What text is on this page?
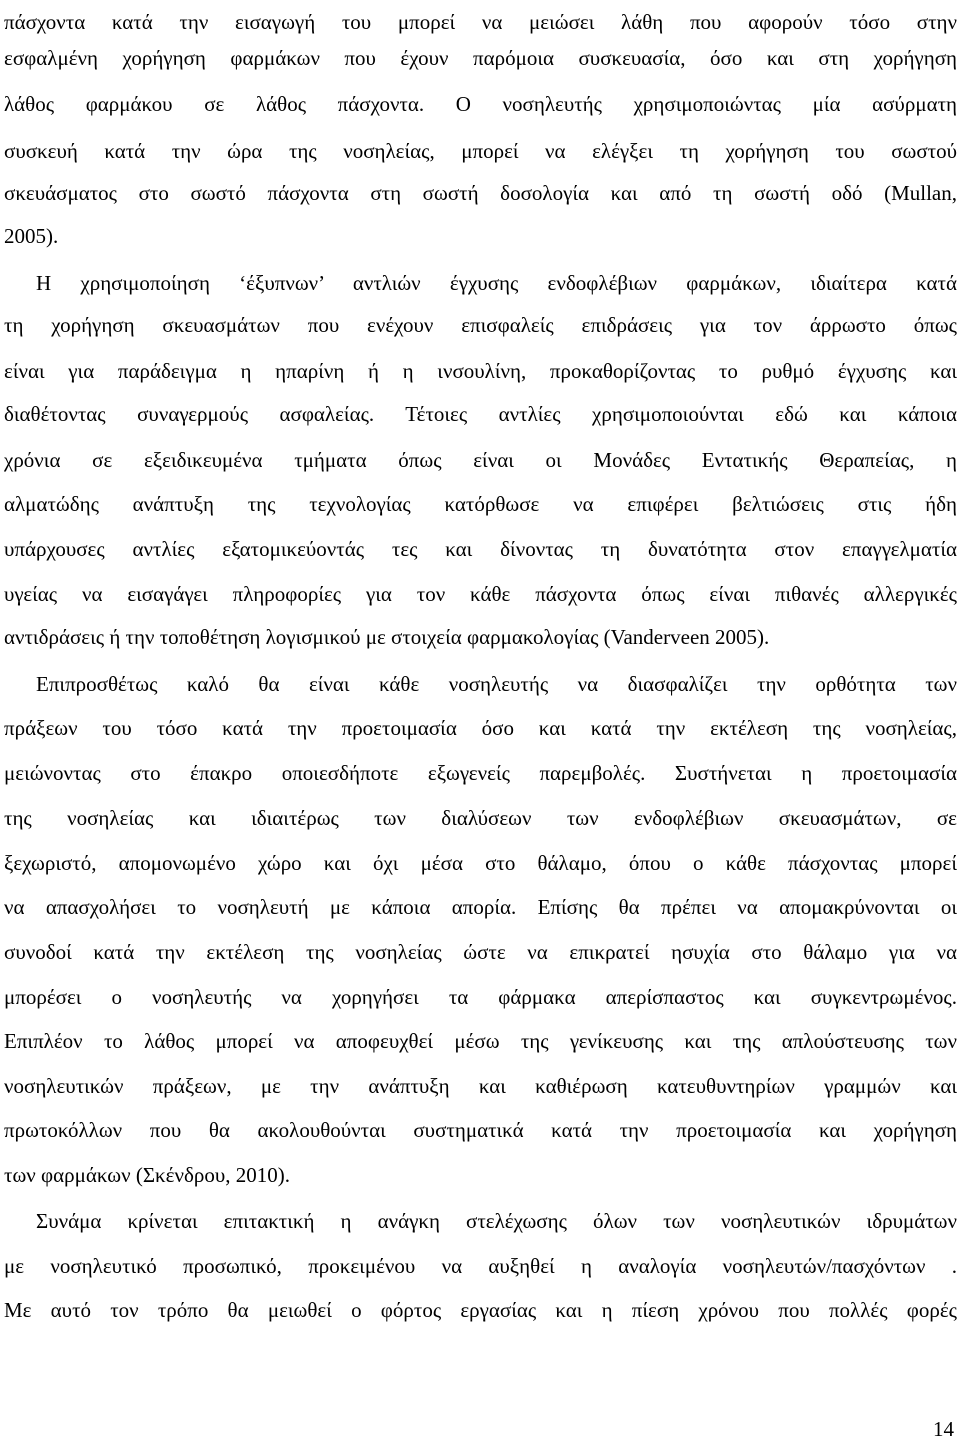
πάσχοντα κατά την εισαγωγή του μπορεί να μειώσει λάθη που αφορούν τόσο στην
εσφαλμένη χορήγηση φαρμάκων που έχουν παρόμοια συσκευασία, όσο και στη χορήγηση
λάθος φαρμάκου σε λάθος πάσχοντα. Ο νοσηλευτής χρησιμοποιώντας μία ασύρματη
συσκευή κατά την ώρα της νοσηλείας, μπορεί να ελέγξει τη χορήγηση του σωστού
σκευάσματος στο σωστό πάσχοντα στη σωστή δοσολογία και από τη σωστή οδό (Mullan,
2005).
Η χρησιμοποίηση ‘έξυπνων’ αντλιών έγχυσης ενδοφλέβιων φαρμάκων, ιδιαίτερα κατά
τη χορήγηση σκευασμάτων που ενέχουν επισφαλείς επιδράσεις για τον άρρωστο όπως
είναι για παράδειγμα η ηπαρίνη ή η ινσουλίνη, προκαθορίζοντας το ρυθμό έγχυσης και
διαθέτοντας συναγερμούς ασφαλείας. Τέτοιες αντλίες χρησιμοποιούνται εδώ και κάποια
χρόνια σε εξειδικευμένα τμήματα όπως είναι οι Μονάδες Εντατικής Θεραπείας, η
αλματώδης ανάπτυξη της τεχνολογίας κατόρθωσε να επιφέρει βελτιώσεις στις ήδη
υπάρχουσες αντλίες εξατομικεύοντάς τες και δίνοντας τη δυνατότητα στον επαγγελματία
υγείας να εισαγάγει πληροφορίες για τον κάθε πάσχοντα όπως είναι πιθανές αλλεργικές
αντιδράσεις ή την τοποθέτηση λογισμικού με στοιχεία φαρμακολογίας (Vanderveen 2005).
Επιπροσθέτως καλό θα είναι κάθε νοσηλευτής να διασφαλίζει την ορθότητα των
πράξεων του τόσο κατά την προετοιμασία όσο και κατά την εκτέλεση της νοσηλείας,
μειώνοντας στο έπακρο οποιεσδήποτε εξωγενείς παρεμβολές. Συστήνεται η προετοιμασία
της νοσηλείας και ιδιαιτέρως των διαλύσεων των ενδοφλέβιων σκευασμάτων, σε
ξεχωριστό, απομονωμένο χώρο και όχι μέσα στο θάλαμο, όπου ο κάθε πάσχοντας μπορεί
να απασχολήσει το νοσηλευτή με κάποια απορία. Επίσης θα πρέπει να απομακρύνονται οι
συνοδοί κατά την εκτέλεση της νοσηλείας ώστε να επικρατεί ησυχία στο θάλαμο για να
μπορέσει ο νοσηλευτής να χορηγήσει τα φάρμακα απερίσπαστος και συγκεντρωμένος.
Επιπλέον το λάθος μπορεί να αποφευχθεί μέσω της γενίκευσης και της απλούστευσης των
νοσηλευτικών πράξεων, με την ανάπτυξη και καθιέρωση κατευθυντηρίων γραμμών και
πρωτοκόλλων που θα ακολουθούνται συστηματικά κατά την προετοιμασία και χορήγηση
των φαρμάκων (Σκένδρου, 2010).
Συνάμα κρίνεται επιτακτική η ανάγκη στελέχωσης όλων των νοσηλευτικών ιδρυμάτων
με νοσηλευτικό προσωπικό, προκειμένου να αυξηθεί η αναλογία νοσηλευτών/πασχόντων .
Με αυτό τον τρόπο θα μειωθεί ο φόρτος εργασίας και η πίεση χρόνου που πολλές φορές
14
